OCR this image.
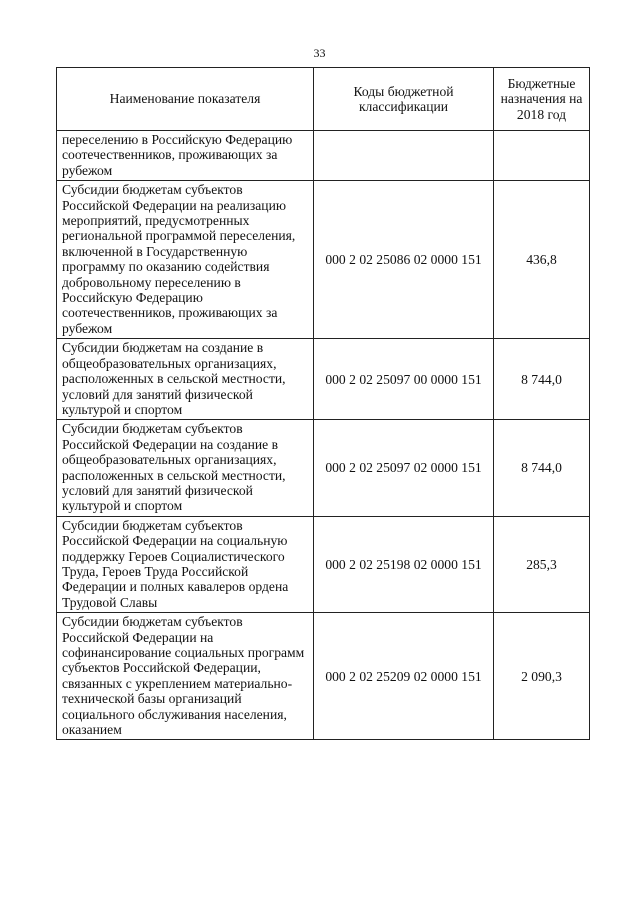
33
Наименование показателя	Коды бюджетной классификации	Бюджетные назначения на 2018 год
переселению в Российскую Федерацию соотечественников, проживающих за рубежом		
Субсидии бюджетам субъектов Российской Федерации на реализацию мероприятий, предусмотренных региональной программой переселения, включенной в Государственную программу по оказанию содействия добровольному переселению в Российскую Федерацию соотечественников, проживающих за рубежом	000 2 02 25086 02 0000 151	436,8
Субсидии бюджетам на создание в общеобразовательных организациях, расположенных в сельской местности, условий для занятий физической культурой и спортом	000 2 02 25097 00 0000 151	8 744,0
Субсидии бюджетам субъектов Российской Федерации на создание в общеобразовательных организациях, расположенных в сельской местности, условий для занятий физической культурой и спортом	000 2 02 25097 02 0000 151	8 744,0
Субсидии бюджетам субъектов Российской Федерации на социальную поддержку Героев Социалистического Труда, Героев Труда Российской Федерации и полных кавалеров ордена Трудовой Славы	000 2 02 25198 02 0000 151	285,3
Субсидии бюджетам субъектов Российской Федерации на софинансирование социальных программ субъектов Российской Федерации, связанных с укреплением материально-технической базы организаций социального обслуживания населения, оказанием	000 2 02 25209 02 0000 151	2 090,3
